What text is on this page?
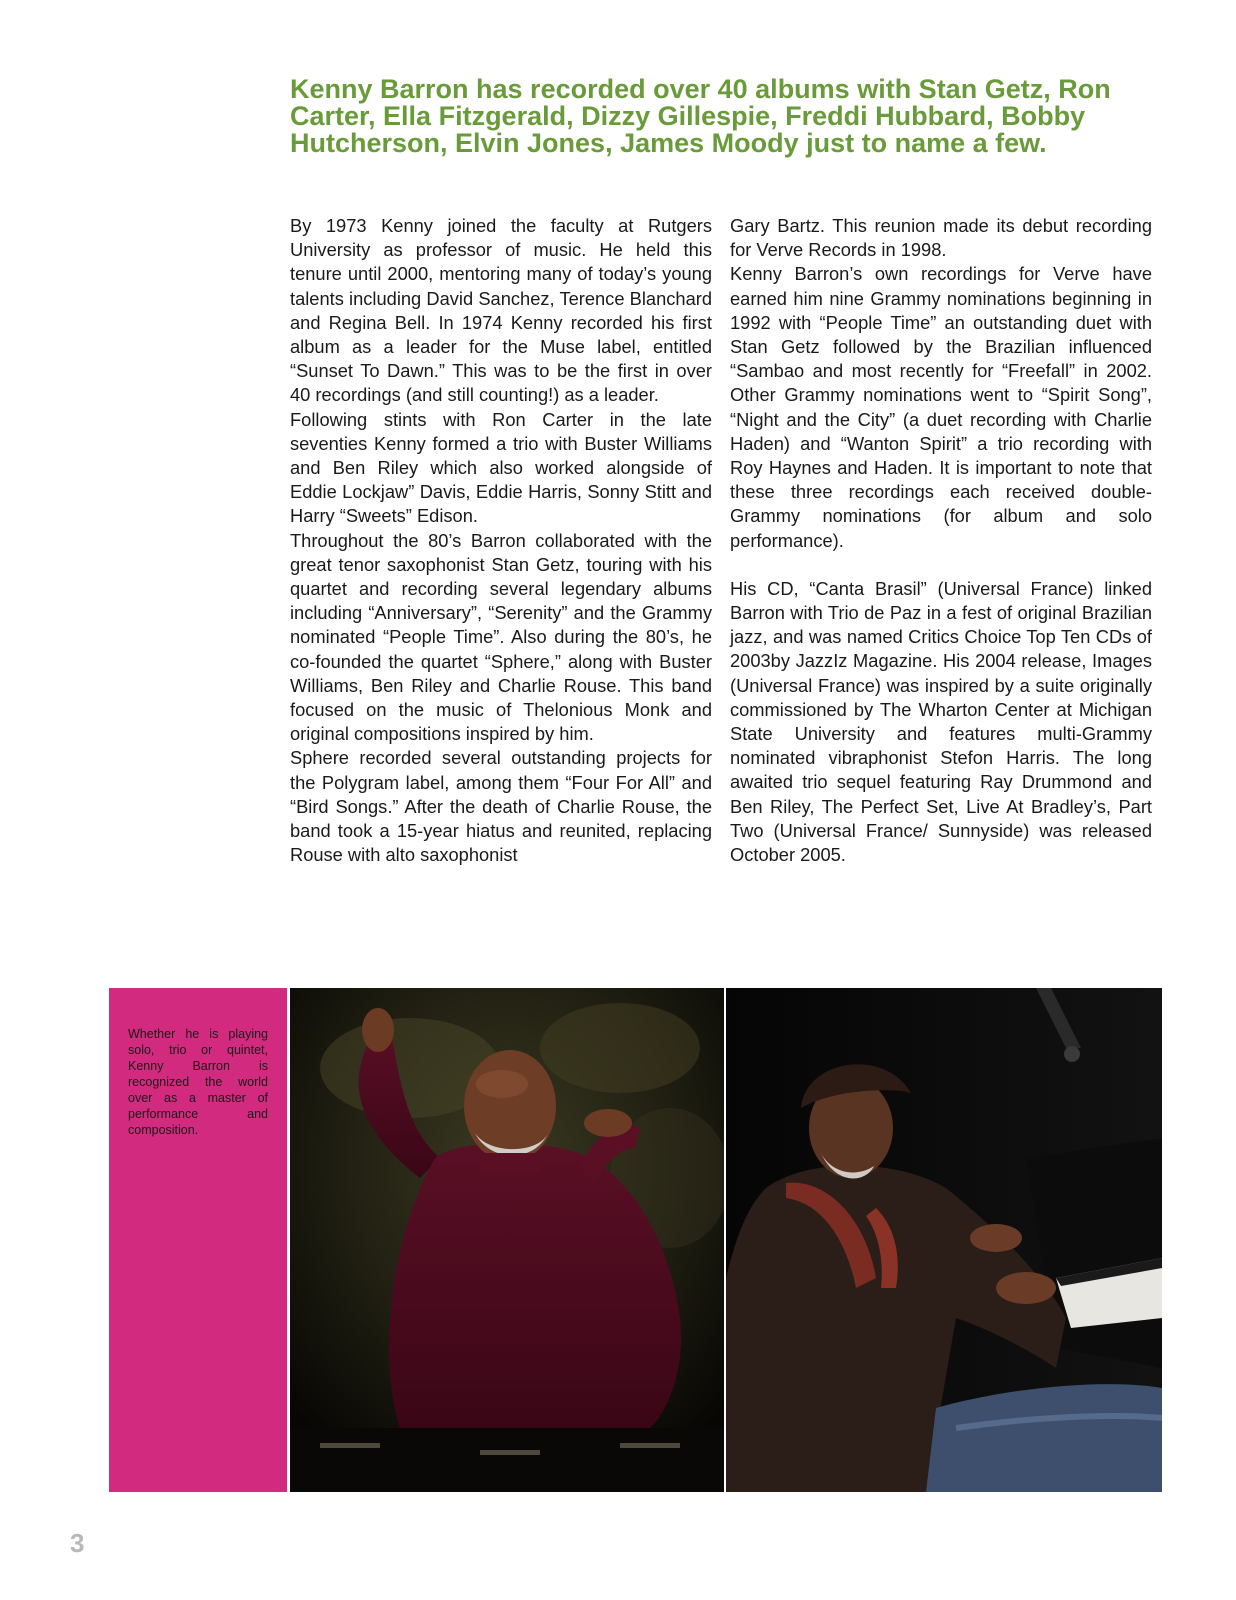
Kenny Barron has recorded over 40 albums with Stan Getz, Ron Carter, Ella Fitzgerald, Dizzy Gillespie, Freddi Hubbard, Bobby Hutcherson, Elvin Jones, James Moody just to name a few.

By 1973 Kenny joined the faculty at Rutgers University as professor of music. He held this tenure until 2000, mentoring many of today’s young talents including David Sanchez, Terence Blanchard and Regina Bell. In 1974 Kenny recorded his first album as a leader for the Muse label, entitled “Sunset To Dawn.” This was to be the first in over 40 recordings (and still counting!) as a leader.

Following stints with Ron Carter in the late seventies Kenny formed a trio with Buster Williams and Ben Riley which also worked alongside of Eddie Lockjaw” Davis, Eddie Harris, Sonny Stitt and Harry “Sweets” Edison.

Throughout the 80’s Barron collaborated with the great tenor saxophonist Stan Getz, touring with his quartet and recording several legendary albums including “Anniversary”, “Serenity” and the Grammy nominated “People Time”. Also during the 80’s, he co-founded the quartet “Sphere,” along with Buster Williams, Ben Riley and Charlie Rouse. This band focused on the music of Thelonious Monk and original compositions inspired by him.

Sphere recorded several outstanding projects for the Polygram label, among them “Four For All” and “Bird Songs.” After the death of Charlie Rouse, the band took a 15-year hiatus and reunited, replacing Rouse with alto saxophonist

Gary Bartz. This reunion made its debut recording for Verve Records in 1998.

Kenny Barron’s own recordings for Verve have earned him nine Grammy nominations beginning in 1992 with “People Time” an outstanding duet with Stan Getz followed by the Brazilian influenced “Sambao and most recently for “Freefall” in 2002. Other Grammy nominations went to “Spirit Song”, “Night and the City” (a duet recording with Charlie Haden) and “Wanton Spirit” a trio recording with Roy Haynes and Haden. It is important to note that these three recordings each received double-Grammy nominations (for album and solo performance).

His CD, “Canta Brasil” (Universal France) linked Barron with Trio de Paz in a fest of original Brazilian jazz, and was named Critics Choice Top Ten CDs of 2003by JazzIz Magazine. His 2004 release, Images (Universal France) was inspired by a suite originally commissioned by The Wharton Center at Michigan State University and features multi-Grammy nominated vibraphonist Stefon Harris. The long awaited trio sequel featuring Ray Drummond and Ben Riley, The Perfect Set, Live At Bradley’s, Part Two (Universal France/ Sunnyside) was released October 2005.

Whether he is playing solo, trio or quintet, Kenny Barron is recognized the world over as a master of performance and composition.

3
